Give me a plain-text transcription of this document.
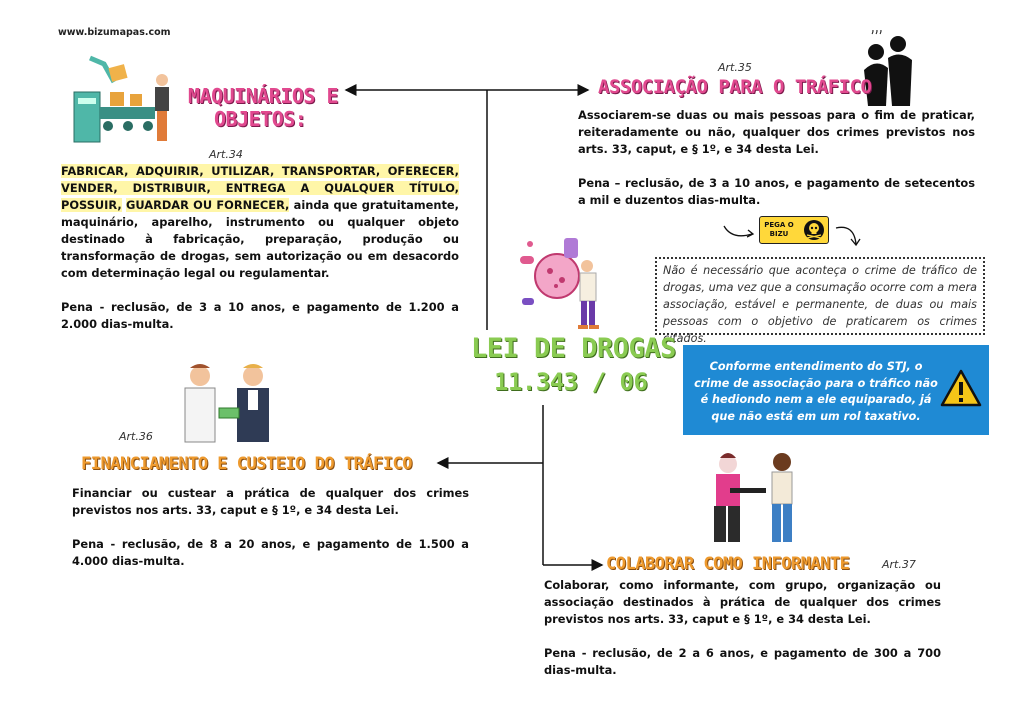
www.bizumapas.com
MAQUINÁRIOS E
OBJETOS:
Art.34

FABRICAR, ADQUIRIR, UTILIZAR, TRANSPORTAR, OFERECER, VENDER, DISTRIBUIR, ENTREGA A QUALQUER TÍTULO, POSSUIR, GUARDAR OU FORNECER, ainda que gratuitamente, maquinário, aparelho, instrumento ou qualquer objeto destinado à fabricação, preparação, produção ou transformação de drogas, sem autorização ou em desacordo com determinação legal ou regulamentar.

Pena - reclusão, de 3 a 10 anos, e pagamento de 1.200 a 2.000 dias-multa.

Art.35
ASSOCIAÇÃO PARA O TRÁFICO

Associarem-se duas ou mais pessoas para o fim de praticar, reiteradamente ou não, qualquer dos crimes previstos nos arts. 33, caput, e § 1º, e 34 desta Lei.

Pena – reclusão, de 3 a 10 anos, e pagamento de setecentos a mil e duzentos dias-multa.

PEGA O
BIZU
Não é necessário que aconteça o crime de tráfico de drogas, uma vez que a consumação ocorre com a mera associação, estável e permanente, de duas ou mais pessoas com o objetivo de praticarem os crimes citados.
Conforme entendimento do STJ, o crime de associação para o tráfico não é hediondo nem a ele equiparado, já que não está em um rol taxativo.
LEI DE DROGAS
11.343 / 06
Art.36
FINANCIAMENTO E CUSTEIO DO TRÁFICO

Financiar ou custear a prática de qualquer dos crimes previstos nos arts. 33, caput e § 1º, e 34 desta Lei.

Pena - reclusão, de 8 a 20 anos, e pagamento de 1.500 a 4.000 dias-multa.	COLABORAR COMO INFORMANTE	Art.37

Colaborar, como informante, com grupo, organização ou associação destinados à prática de qualquer dos crimes previstos nos arts. 33, caput e § 1º, e 34 desta Lei.

Pena - reclusão, de 2 a 6 anos, e pagamento de 300 a 700 dias-multa.
